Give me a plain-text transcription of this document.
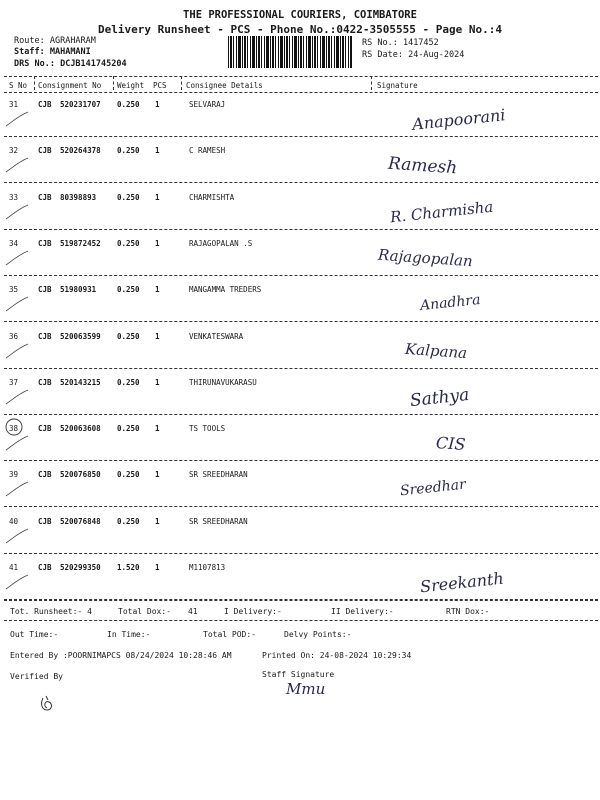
THE PROFESSIONAL COURIERS, COIMBATORE
Delivery Runsheet - PCS - Phone No.:0422-3505555 - Page No.:4
Route: AGRAHARAM
Staff: MAHAMANI
DRS No.: DCJB141745204
RS No.: 1417452
RS Date: 24-Aug-2024
S No Consignment No Weight PCS	Consignee Details	Signature
31	CJB 520231707 0.250 1	SELVARAJ
Anapoorani
32	CJB 520264378 0.250 1	C RAMESH
Ramesh
33	CJB 80398893	0.250 1	CHARMISHTA
R. Charmisha
34	CJB 519872452 0.250 1	RAJAGOPALAN .S
Rajagopalan
35	CJB 51980931	0.250 1	MANGAMMA TREDERS
Anadhra
36	CJB 520063599 0.250 1	VENKATESWARA
Kalpana
37	CJB 520143215 0.250 1	THIRUNAVUKARASU
Sathya
38	CJB 520063608 0.250 1	TS TOOLS
CIS
39	CJB 520076850 0.250 1	SR SREEDHARAN
Sreedhar
40	CJB 520076848 0.250 1	SR SREEDHARAN
41	CJB 520299350 1.520 1	M1107813
Sreekanth
Tot. Runsheet:- 4	Total Dox:- 41	I Delivery:-	II Delivery:-	RTN Dox:-
Out Time:-	In Time:-	Total POD:-	Delvy Points:-
Entered By :POORNIMAPCS 08/24/2024 10:28:46 AM	Printed On: 24-08-2024 10:29:34
Verified By	Staff Signature
Mmu
